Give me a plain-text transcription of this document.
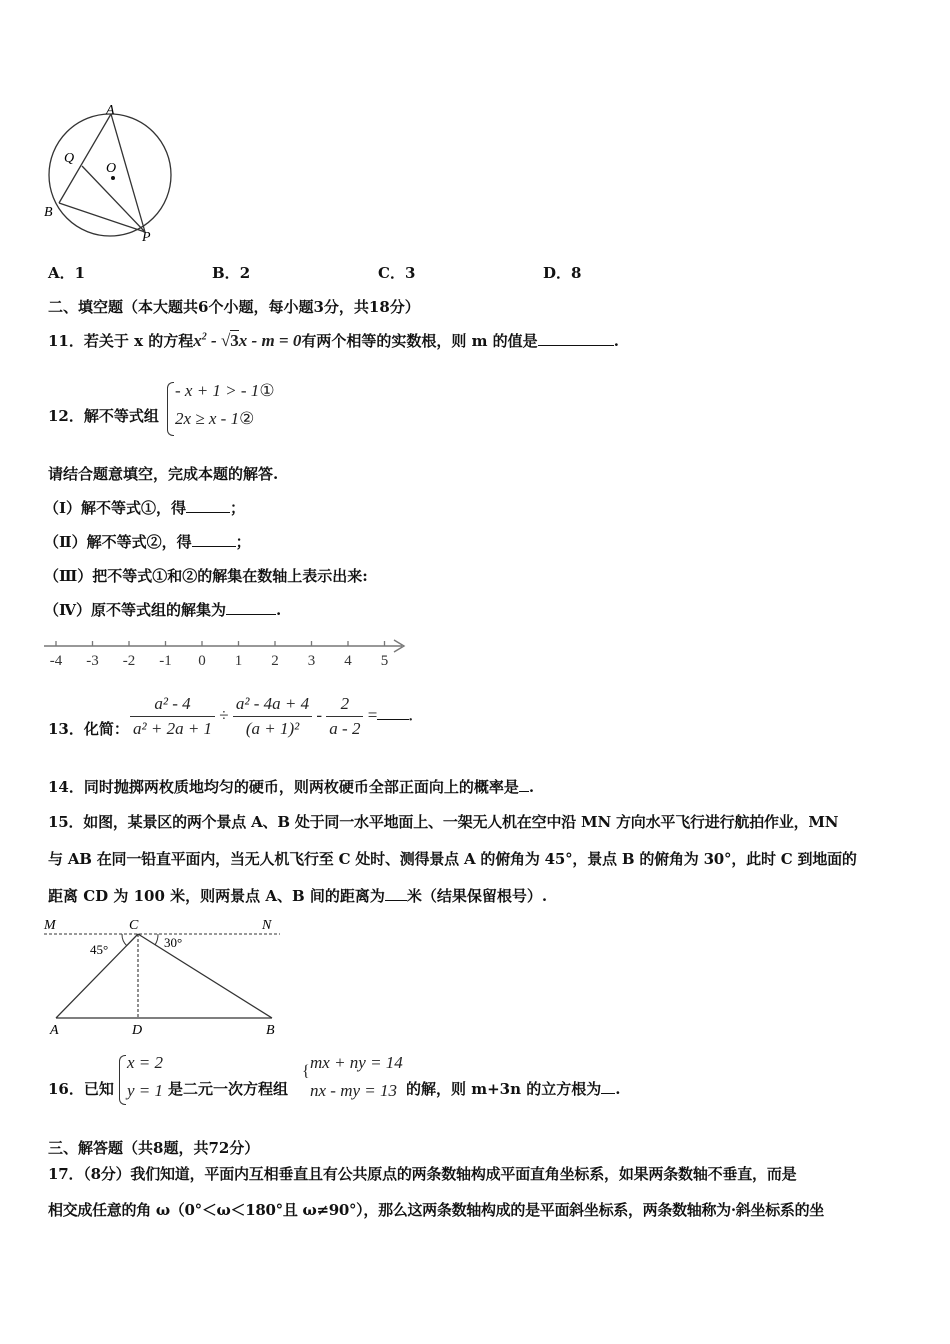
A
Q
O
B
P
A．1	B．2	C．3	D．8
二、填空题（本大题共6个小题，每小题3分，共18分）
11．若关于 x 的方程$x^2 - √3x - m = 0$有两个相等的实数根，则 m 的值是	.
12．解不等式组
- x + 1 > - 1①
2x ≥ x - 1②
请结合题意填空，完成本题的解答.
（Ⅰ）解不等式①，得	；
（Ⅱ）解不等式②，得	；
（Ⅲ）把不等式①和②的解集在数轴上表示出来:
（Ⅳ）原不等式组的解集为	.
-4 -3 -2 -1 0 1 2 3 4 5
13．化简： $\frac{\text{a² - 4}}{\text{a² + 2a + 1}} \div \frac{\text{a² - 4a + 4}}{\text{(a + 1)²}} - \frac{2}{a - 2}$ = .
14．同时抛掷两枚质地均匀的硬币，则两枚硬币全部正面向上的概率是 .
15．如图，某景区的两个景点 A、B 处于同一水平地面上、一架无人机在空中沿 MN 方向水平飞行进行航拍作业，MN
与 AB 在同一铅直平面内，当无人机飞行至 C 处时、测得景点 A 的俯角为 45°，景点 B 的俯角为 30°，此时 C 到地面的
距离 CD 为 100 米，则两景点 A、B 间的距离为 米（结果保留根号）.
M	C	N
45°	30°
A	D	B
16．已知
x = 2
y = 1 是二元一次方程组
{ mx + ny = 14
nx - my = 13 的解，则 m+3n 的立方根为 .
三、解答题（共8题，共72分）
17．（8分）我们知道，平面内互相垂直且有公共原点的两条数轴构成平面直角坐标系，如果两条数轴不垂直，而是
相交成任意的角 ω（0°＜ω＜180°且 ω≠90°），那么这两条数轴构成的是平面斜坐标系，两条数轴称为·斜坐标系的坐
